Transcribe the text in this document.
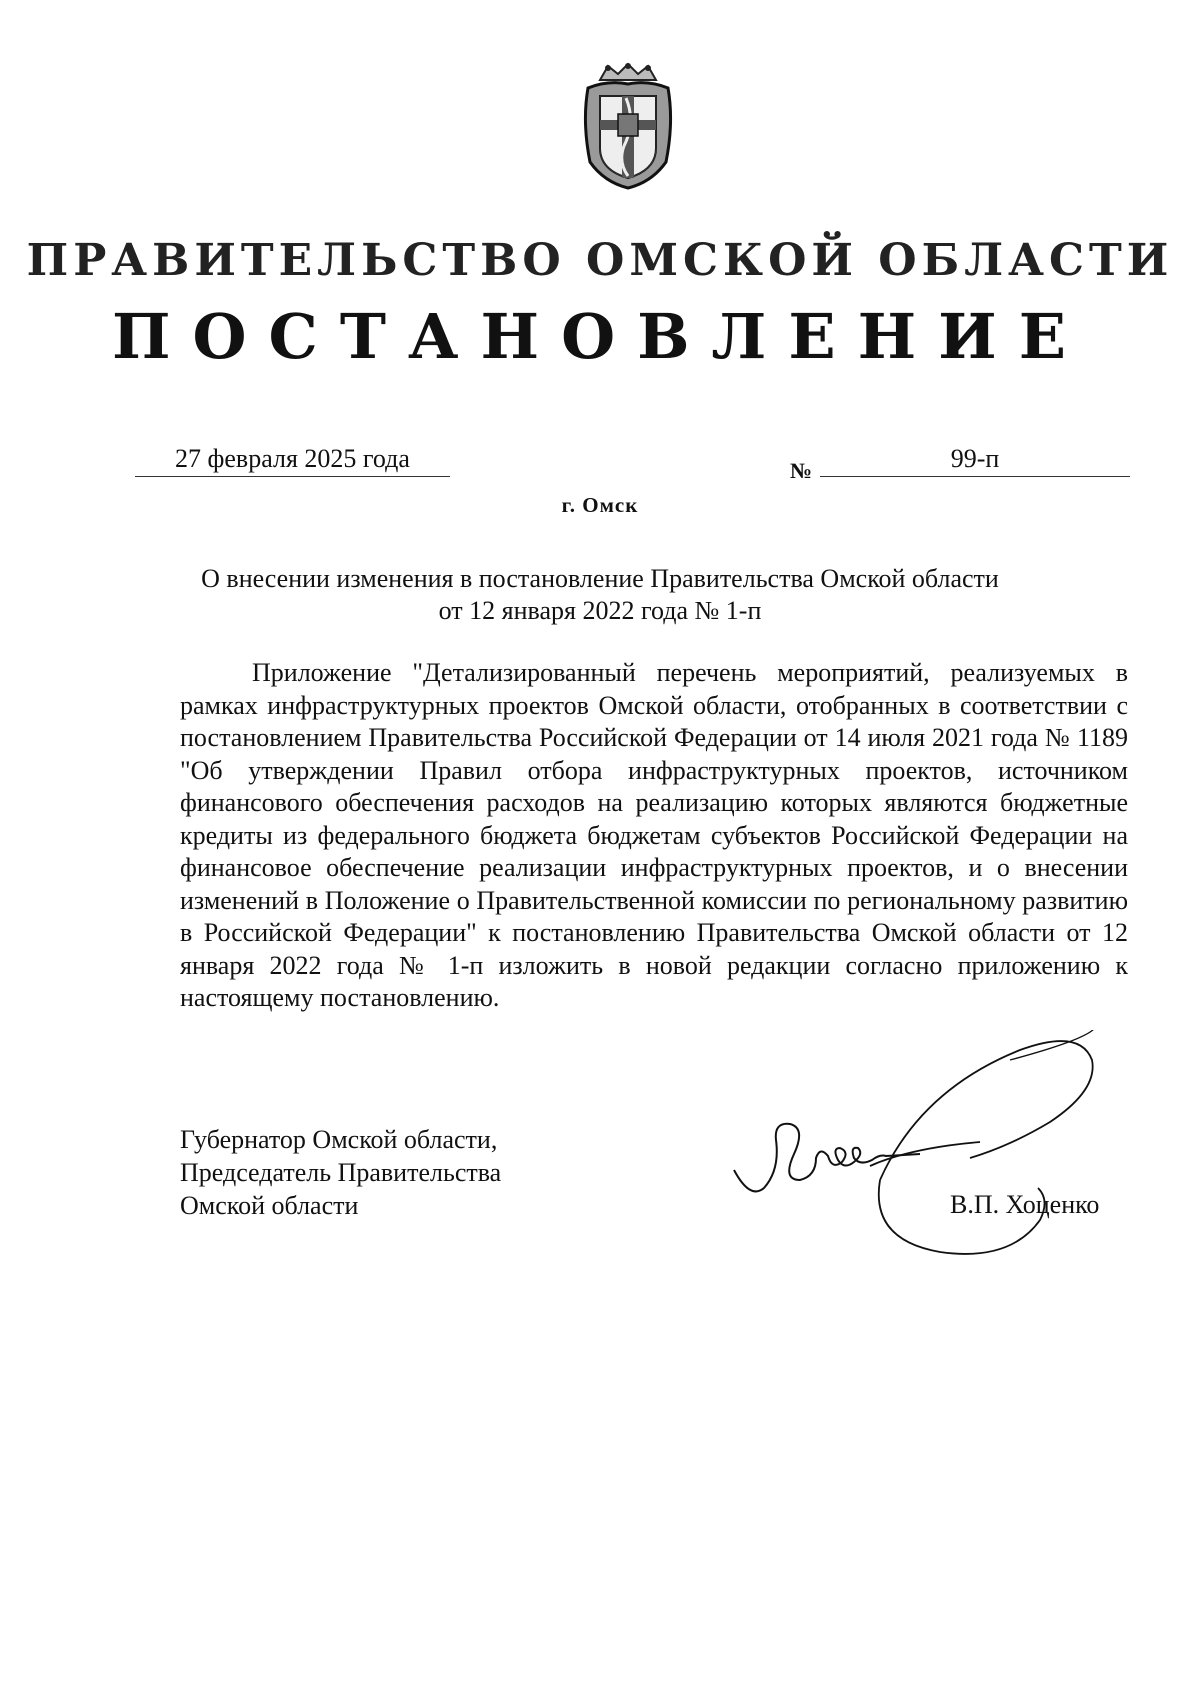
ПРАВИТЕЛЬСТВО ОМСКОЙ ОБЛАСТИ
ПОСТАНОВЛЕНИЕ
27 февраля 2025 года	№	99-п
г. Омск
О внесении изменения в постановление Правительства Омской области
от 12 января 2022 года № 1-п

Приложение "Детализированный перечень мероприятий, реализуемых в рамках инфраструктурных проектов Омской области, отобранных в соответствии с постановлением Правительства Российской Федерации от 14 июля 2021 года № 1189 "Об утверждении Правил отбора инфраструктурных проектов, источником финансового обеспечения расходов на реализацию которых являются бюджетные кредиты из федерального бюджета бюджетам субъектов Российской Федерации на финансовое обеспечение реализации инфраструктурных проектов, и о внесении изменений в Положение о Правительственной комиссии по региональному развитию в Российской Федерации" к постановлению Правительства Омской области от 12 января 2022 года № 1-п изложить в новой редакции согласно приложению к настоящему постановлению.

Губернатор Омской области,
Председатель Правительства
Омской области	В.П. Хоценко
